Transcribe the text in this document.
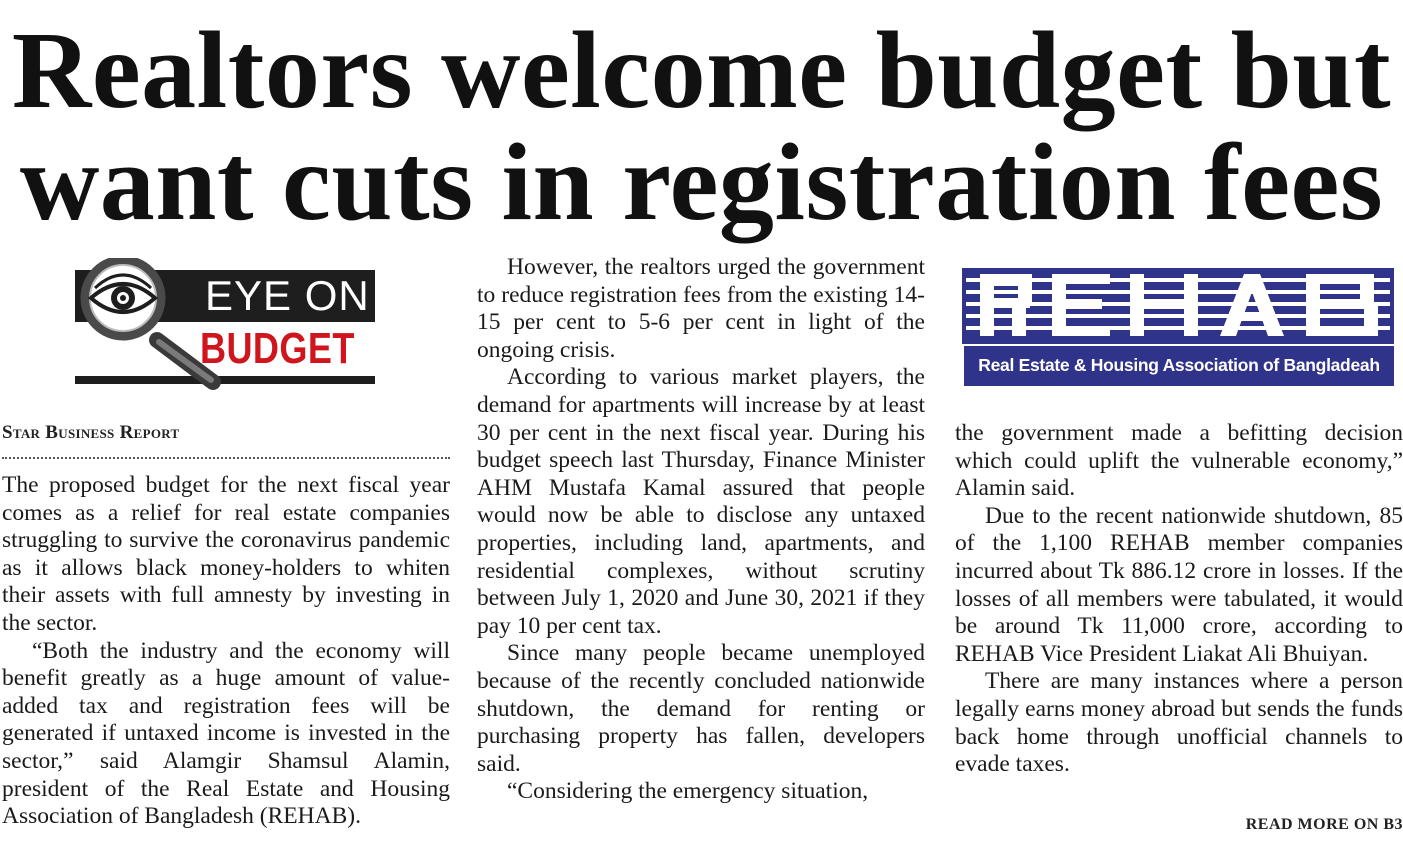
Realtors welcome budget but
want cuts in registration fees
EYE ON
BUDGET
Star Business Report

The proposed budget for the next fiscal year comes as a relief for real estate companies struggling to survive the coronavirus pandemic as it allows black money-holders to whiten their assets with full amnesty by investing in the sector.

“Both the industry and the economy will benefit greatly as a huge amount of value-added tax and registration fees will be generated if untaxed income is invested in the sector,” said Alamgir Shamsul Alamin, president of the Real Estate and Housing Association of Bangladesh (REHAB).

However, the realtors urged the government to reduce registration fees from the existing 14-15 per cent to 5-6 per cent in light of the ongoing crisis.

According to various market players, the demand for apartments will increase by at least 30 per cent in the next fiscal year. During his budget speech last Thursday, Finance Minister AHM Mustafa Kamal assured that people would now be able to disclose any untaxed properties, including land, apartments, and residential complexes, without scrutiny between July 1, 2020 and June 30, 2021 if they pay 10 per cent tax.

Since many people became unemployed because of the recently concluded nationwide shutdown, the demand for renting or purchasing property has fallen, developers said.

“Considering the emergency situation,

Real Estate & Housing Association of Bangladeah

the government made a befitting decision which could uplift the vulnerable economy,” Alamin said.

Due to the recent nationwide shutdown, 85 of the 1,100 REHAB member companies incurred about Tk 886.12 crore in losses. If the losses of all members were tabulated, it would be around Tk 11,000 crore, according to REHAB Vice President Liakat Ali Bhuiyan.

There are many instances where a person legally earns money abroad but sends the funds back home through unofficial channels to evade taxes.

READ MORE ON B3
